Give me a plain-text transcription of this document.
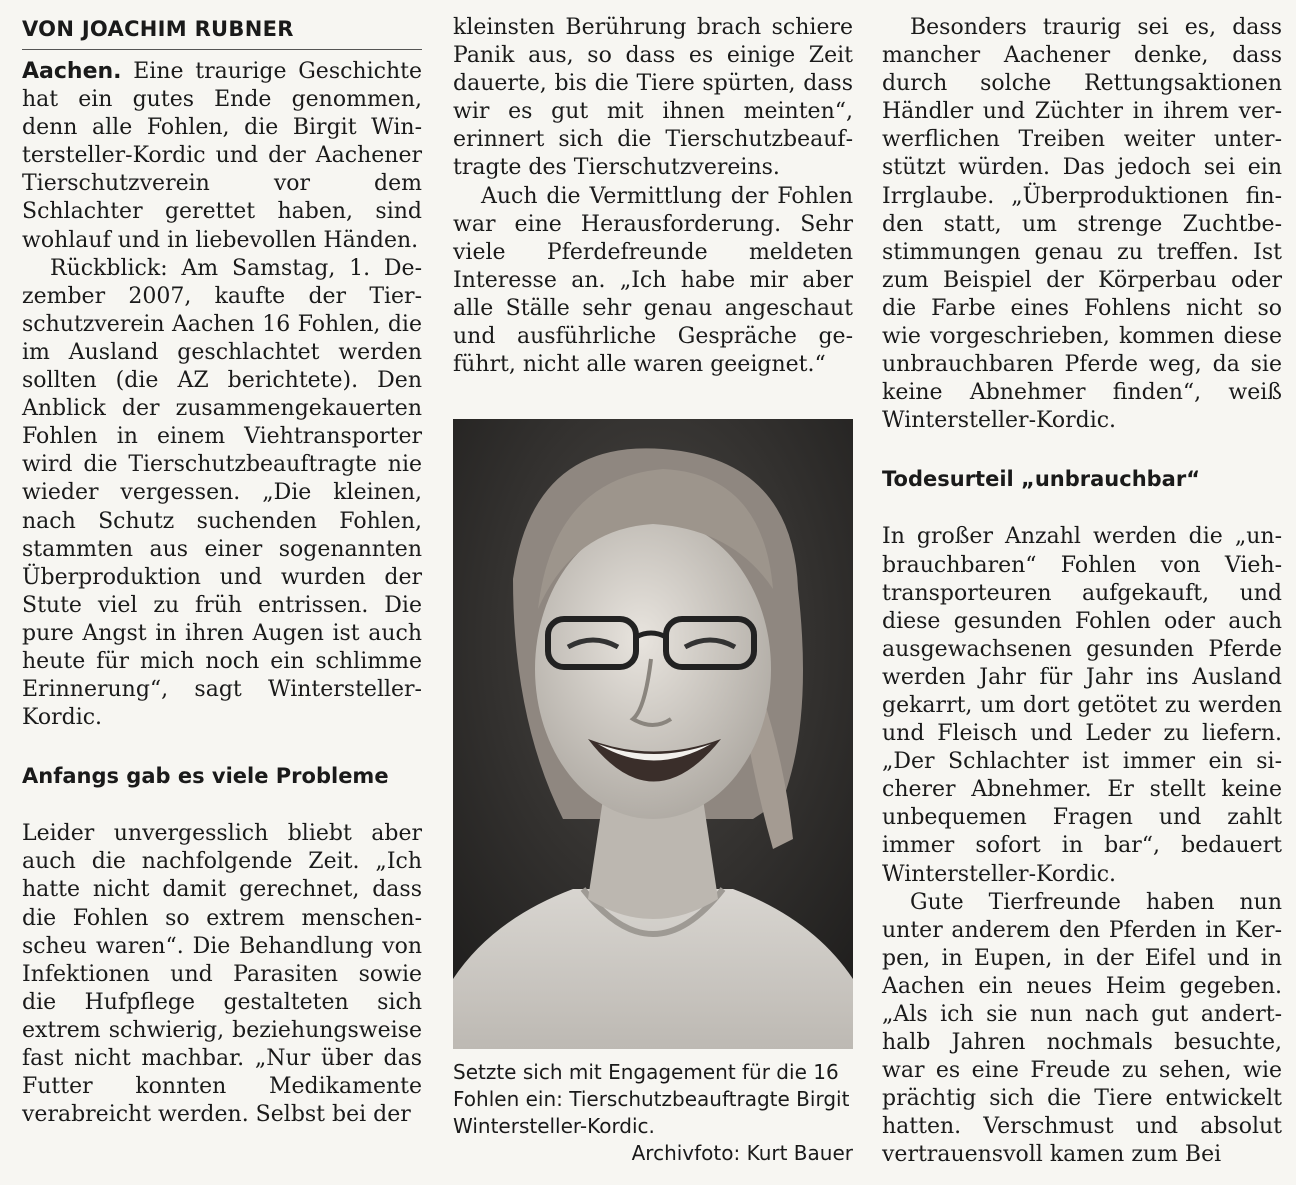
VON JOACHIM RUBNER

Aachen. Eine traurige Geschichte hat ein gutes Ende genommen, denn alle Fohlen, die Birgit Wintersteller-Kordic und der Aachener Tierschutzverein vor dem Schlachter gerettet haben, sind wohlauf und in liebevollen Händen.

Rückblick: Am Samstag, 1. Dezember 2007, kaufte der Tierschutzverein Aachen 16 Fohlen, die im Ausland geschlachtet werden sollten (die AZ berichtete). Den Anblick der zusammengekauerten Fohlen in einem Viehtransporter wird die Tierschutzbeauftragte nie wieder vergessen. „Die kleinen, nach Schutz suchenden Fohlen, stammten aus einer sogenannten Überproduktion und wurden der Stute viel zu früh entrissen. Die pure Angst in ihren Augen ist auch heute für mich noch ein schlimme Erinnerung“, sagt Wintersteller-Kordic.

Anfangs gab es viele Probleme

Leider unvergesslich bliebt aber auch die nachfolgende Zeit. „Ich hatte nicht damit gerechnet, dass die Fohlen so extrem menschenscheu waren“. Die Behandlung von Infektionen und Parasiten sowie die Hufpflege gestalteten sich extrem schwierig, beziehungsweise fast nicht machbar. „Nur über das Futter konnten Medikamente verabreicht werden. Selbst bei der

kleinsten Berührung brach schiere Panik aus, so dass es einige Zeit dauerte, bis die Tiere spürten, dass wir es gut mit ihnen meinten“, erinnert sich die Tierschutzbeauftragte des Tierschutzvereins.

Auch die Vermittlung der Fohlen war eine Herausforderung. Sehr viele Pferdefreunde meldeten Interesse an. „Ich habe mir aber alle Ställe sehr genau angeschaut und ausführliche Gespräche geführt, nicht alle waren geeignet.“

Setzte sich mit Engagement für die 16 Fohlen ein: Tierschutzbeauftragte Birgit Wintersteller-Kordic.
Archivfoto: Kurt Bauer

Besonders traurig sei es, dass mancher Aachener denke, dass durch solche Rettungsaktionen Händler und Züchter in ihrem verwerflichen Treiben weiter unterstützt würden. Das jedoch sei ein Irrglaube. „Überproduktionen finden statt, um strenge Zuchtbestimmungen genau zu treffen. Ist zum Beispiel der Körperbau oder die Farbe eines Fohlens nicht so wie vorgeschrieben, kommen diese unbrauchbaren Pferde weg, da sie keine Abnehmer finden“, weiß Wintersteller-Kordic.

Todesurteil „unbrauchbar“

In großer Anzahl werden die „unbrauchbaren“ Fohlen von Viehtransporteuren aufgekauft, und diese gesunden Fohlen oder auch ausgewachsenen gesunden Pferde werden Jahr für Jahr ins Ausland gekarrt, um dort getötet zu werden und Fleisch und Leder zu liefern. „Der Schlachter ist immer ein sicherer Abnehmer. Er stellt keine unbequemen Fragen und zahlt immer sofort in bar“, bedauert Wintersteller-Kordic.

Gute Tierfreunde haben nun unter anderem den Pferden in Kerpen, in Eupen, in der Eifel und in Aachen ein neues Heim gegeben. „Als ich sie nun nach gut anderthalb Jahren nochmals besuchte, war es eine Freude zu sehen, wie prächtig sich die Tiere entwickelt hatten. Verschmust und absolut vertrauensvoll kamen zum Bei
